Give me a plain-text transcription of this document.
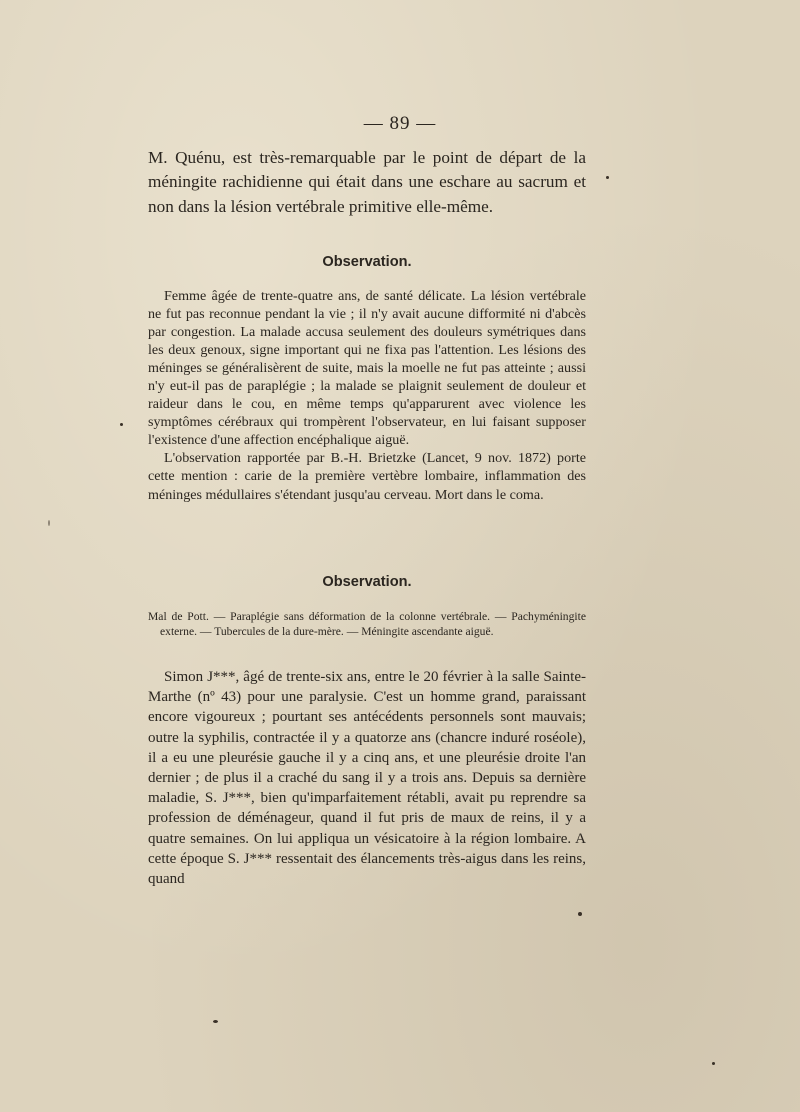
— 89 —
M. Quénu, est très-remarquable par le point de départ de la méningite rachidienne qui était dans une eschare au sacrum et non dans la lésion vertébrale primitive elle-même.
Observation.

Femme âgée de trente-quatre ans, de santé délicate. La lésion vertébrale ne fut pas reconnue pendant la vie ; il n'y avait aucune difformité ni d'abcès par congestion. La malade accusa seulement des douleurs symétriques dans les deux genoux, signe important qui ne fixa pas l'attention. Les lésions des méninges se généralisèrent de suite, mais la moelle ne fut pas atteinte ; aussi n'y eut-il pas de paraplégie ; la malade se plaignit seulement de douleur et raideur dans le cou, en même temps qu'apparurent avec violence les symptômes cérébraux qui trompèrent l'observateur, en lui faisant supposer l'existence d'une affection encéphalique aiguë.

L'observation rapportée par B.-H. Brietzke (Lancet, 9 nov. 1872) porte cette mention : carie de la première vertèbre lombaire, inflammation des méninges médullaires s'étendant jusqu'au cerveau. Mort dans le coma.

Observation.
Mal de Pott. — Paraplégie sans déformation de la colonne vertébrale. — Pachyméningite externe. — Tubercules de la dure-mère. — Méningite ascendante aiguë.

Simon J***, âgé de trente-six ans, entre le 20 février à la salle Sainte-Marthe (nº 43) pour une paralysie. C'est un homme grand, paraissant encore vigoureux ; pourtant ses antécédents personnels sont mauvais; outre la syphilis, contractée il y a quatorze ans (chancre induré roséole), il a eu une pleurésie gauche il y a cinq ans, et une pleurésie droite l'an dernier ; de plus il a craché du sang il y a trois ans. Depuis sa dernière maladie, S. J***, bien qu'imparfaitement rétabli, avait pu reprendre sa profession de déménageur, quand il fut pris de maux de reins, il y a quatre semaines. On lui appliqua un vésicatoire à la région lombaire. A cette époque S. J*** ressentait des élancements très-aigus dans les reins, quand
